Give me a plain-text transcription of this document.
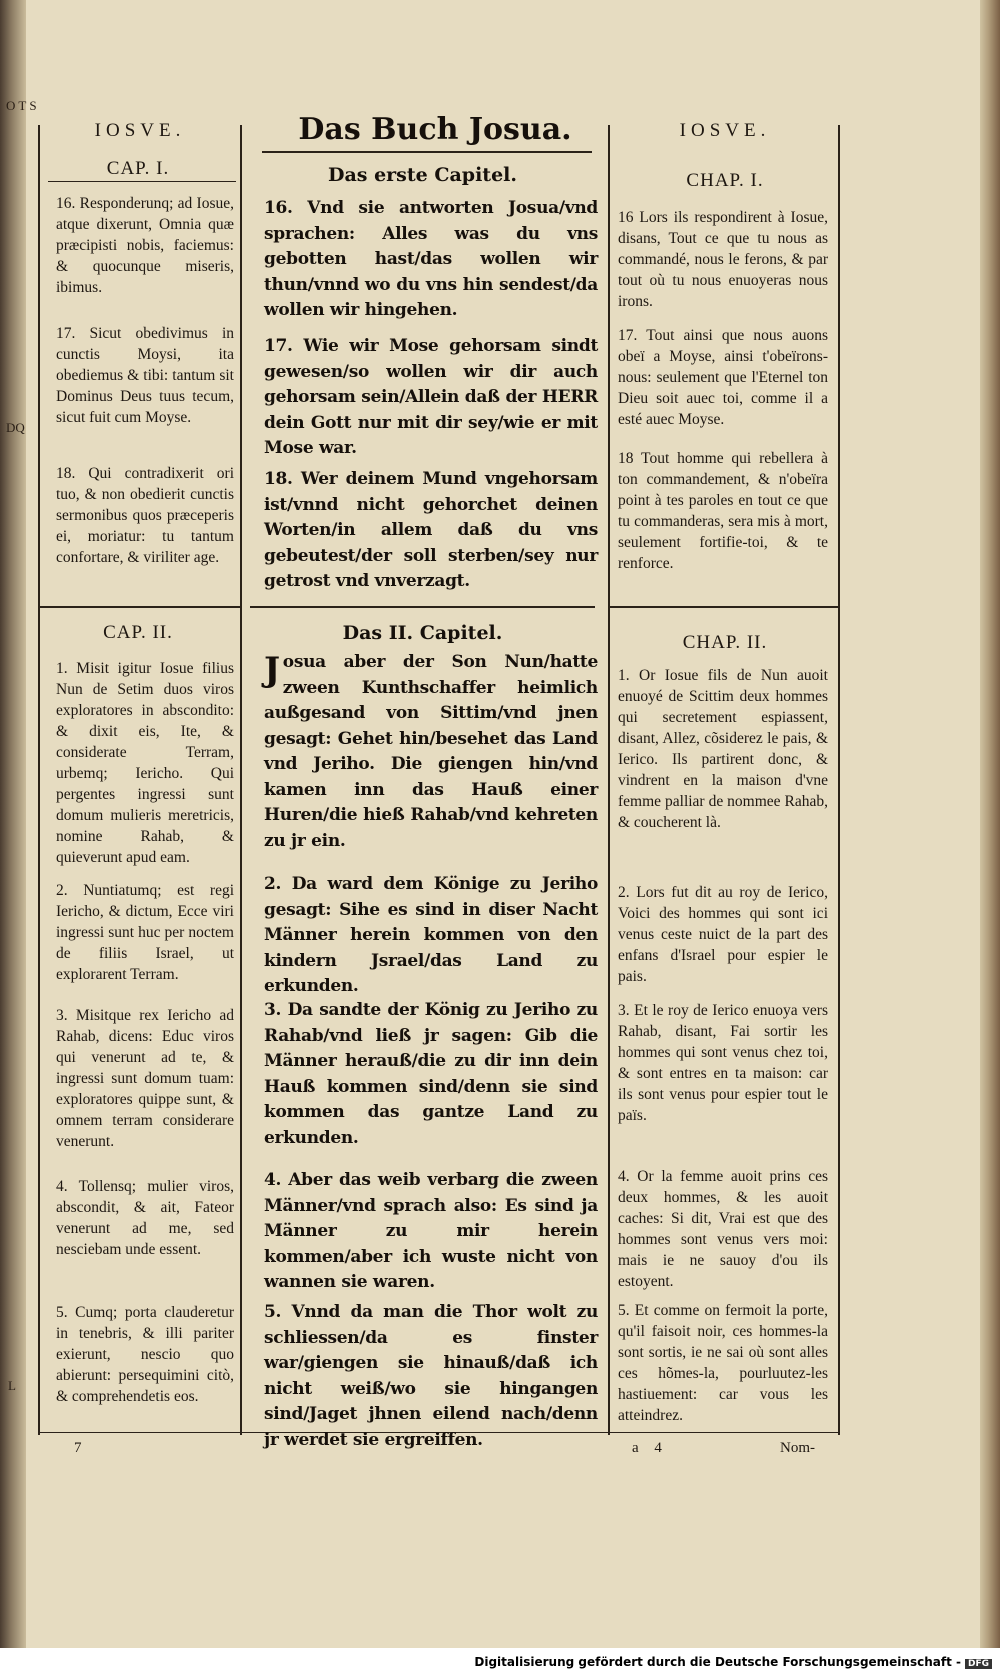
O T S
DQ
L
IOSVE.	Das Buch Josua.	IOSVE.
CAP. I.	Das erste Capitel.	CHAP. I.
16. Responderunq; ad Iosue, atque dixerunt, Omnia quæ præcipisti nobis, faciemus: & quocunque miseris, ibimus.
16. Vnd sie antworten Josua/vnd sprachen: Alles was du vns gebotten hast/das wollen wir thun/vnnd wo du vns hin sendest/da wollen wir hingehen.
16 Lors ils respondirent à Iosue, disans, Tout ce que tu nous as commandé, nous le ferons, & par tout où tu nous enuoyeras nous irons.
17. Sicut obedivimus in cunctis Moysi, ita obediemus & tibi: tantum sit Dominus Deus tuus tecum, sicut fuit cum Moyse.
17. Wie wir Mose gehorsam sindt gewesen/so wollen wir dir auch gehorsam sein/Allein daß der HERR dein Gott nur mit dir sey/wie er mit Mose war.
17. Tout ainsi que nous auons obeï a Moyse, ainsi t'obeïrons-nous: seulement que l'Eternel ton Dieu soit auec toi, comme il a esté auec Moyse.
18. Qui contradixerit ori tuo, & non obedierit cunctis sermonibus quos præceperis ei, moriatur: tu tantum confortare, & viriliter age.
18. Wer deinem Mund vngehorsam ist/vnnd nicht gehorchet deinen Worten/in allem daß du vns gebeutest/der soll sterben/sey nur getrost vnd vnverzagt.
18 Tout homme qui rebellera à ton commandement, & n'obeïra point à tes paroles en tout ce que tu commanderas, sera mis à mort, seulement fortifie-toi, & te renforce.
CAP. II.	Das II. Capitel.	CHAP. II.
1. Misit igitur Iosue filius Nun de Setim duos viros exploratores in abscondito: & dixit eis, Ite, & considerate Terram, urbemq; Iericho. Qui pergentes ingressi sunt domum mulieris meretricis, nomine Rahab, & quieverunt apud eam.
Josua aber der Son Nun/hatte zween Kunthschaffer heimlich außgesand von Sittim/vnd jnen gesagt: Gehet hin/besehet das Land vnd Jeriho. Die giengen hin/vnd kamen inn das Hauß einer Huren/die hieß Rahab/vnd kehreten zu jr ein.
1. Or Iosue fils de Nun auoit enuoyé de Scittim deux hommes qui secretement espiassent, disant, Allez, cõsiderez le pais, & Ierico. Ils partirent donc, & vindrent en la maison d'vne femme palliar de nommee Rahab, & coucherent là.
2. Nuntiatumq; est regi Iericho, & dictum, Ecce viri ingressi sunt huc per noctem de filiis Israel, ut explorarent Terram.
2. Da ward dem Könige zu Jeriho gesagt: Sihe es sind in diser Nacht Männer herein kommen von den kindern Jsrael/das Land zu erkunden.
2. Lors fut dit au roy de Ierico, Voici des hommes qui sont ici venus ceste nuict de la part des enfans d'Israel pour espier le pais.
3. Misitque rex Iericho ad Rahab, dicens: Educ viros qui venerunt ad te, & ingressi sunt domum tuam: exploratores quippe sunt, & omnem terram considerare venerunt.
3. Da sandte der König zu Jeriho zu Rahab/vnd ließ jr sagen: Gib die Männer herauß/die zu dir inn dein Hauß kommen sind/denn sie sind kommen das gantze Land zu erkunden.
3. Et le roy de Ierico enuoya vers Rahab, disant, Fai sortir les hommes qui sont venus chez toi, & sont entres en ta maison: car ils sont venus pour espier tout le païs.
4. Tollensq; mulier viros, abscondit, & ait, Fateor venerunt ad me, sed nesciebam unde essent.
4. Aber das weib verbarg die zween Männer/vnd sprach also: Es sind ja Männer zu mir herein kommen/aber ich wuste nicht von wannen sie waren.
4. Or la femme auoit prins ces deux hommes, & les auoit caches: Si dit, Vrai est que des hommes sont venus vers moi: mais ie ne sauoy d'ou ils estoyent.
5. Cumq; porta clauderetur in tenebris, & illi pariter exierunt, nescio quo abierunt: persequimini citò, & comprehendetis eos.
5. Vnnd da man die Thor wolt zu schliessen/da es finster war/giengen sie hinauß/daß ich nicht weiß/wo sie hingangen sind/Jaget jhnen eilend nach/denn jr werdet sie ergreiffen.
5. Et comme on fermoit la porte, qu'il faisoit noir, ces hommes-la sont sortis, ie ne sai où sont alles ces hõmes-la, pourluutez-les hastiuement: car vous les atteindrez.
7	a 4	Nom-
Digitalisierung gefördert durch die Deutsche Forschungsgemeinschaft - DFG
